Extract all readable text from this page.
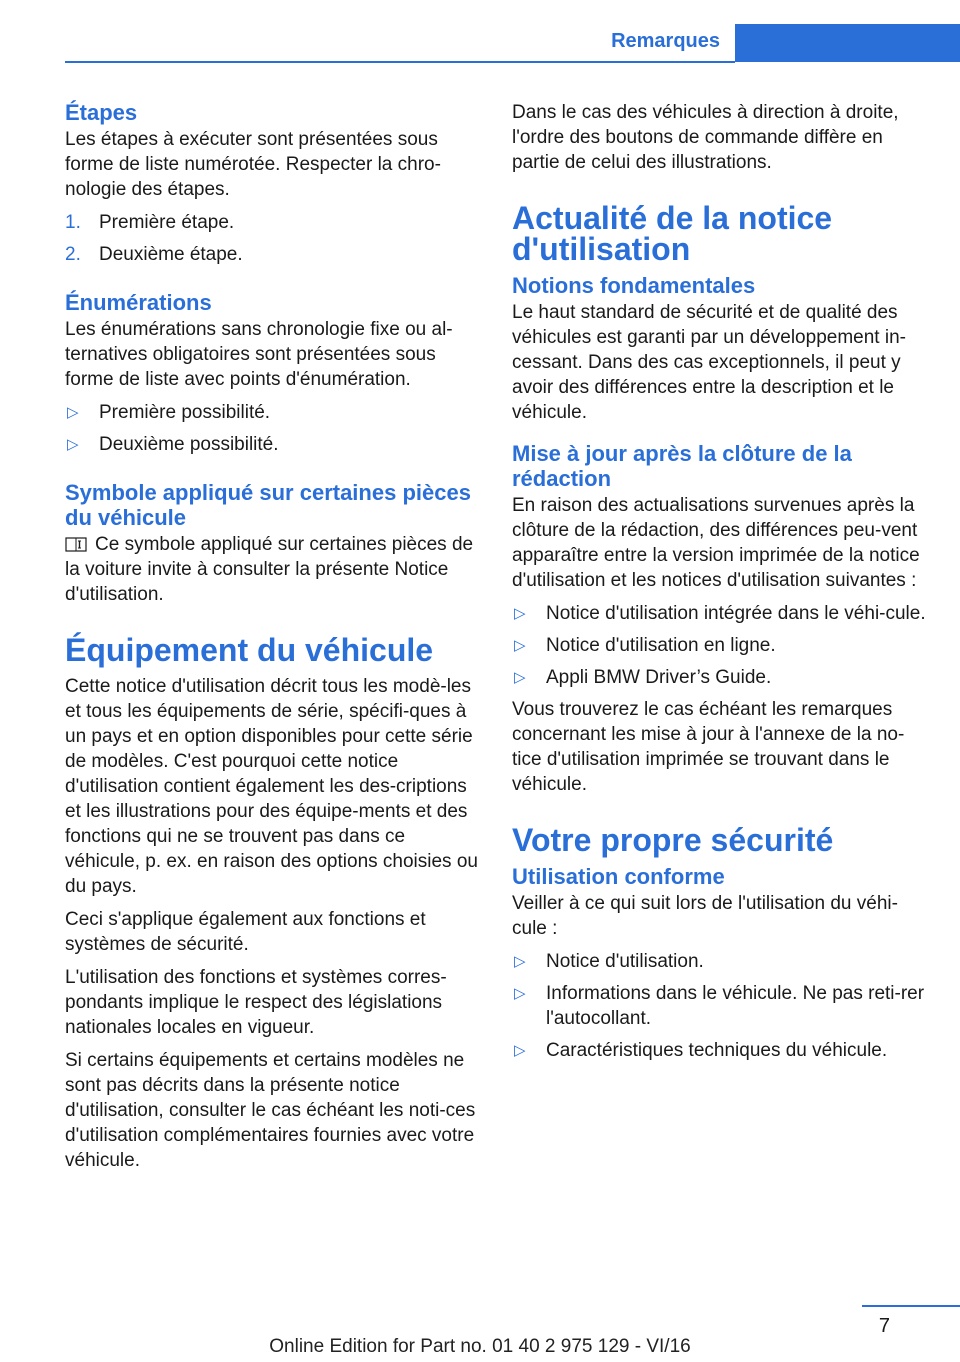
Remarques
Étapes

Les étapes à exécuter sont présentées sous forme de liste numérotée. Respecter la chro-nologie des étapes.

1. Première étape.
2. Deuxième étape.
Énumérations

Les énumérations sans chronologie fixe ou al-ternatives obligatoires sont présentées sous forme de liste avec points d'énumération.

▷ Première possibilité.
▷ Deuxième possibilité.
Symbole appliqué sur certaines pièces du véhicule

Ce symbole appliqué sur certaines pièces de la voiture invite à consulter la présente Notice d'utilisation.

Équipement du véhicule

Cette notice d'utilisation décrit tous les modè-les et tous les équipements de série, spécifi-ques à un pays et en option disponibles pour cette série de modèles. C'est pourquoi cette notice d'utilisation contient également les des-criptions et les illustrations pour des équipe-ments et des fonctions qui ne se trouvent pas dans ce véhicule, p. ex. en raison des options choisies ou du pays.

Ceci s'applique également aux fonctions et systèmes de sécurité.

L'utilisation des fonctions et systèmes corres-pondants implique le respect des législations nationales locales en vigueur.

Si certains équipements et certains modèles ne sont pas décrits dans la présente notice d'utilisation, consulter le cas échéant les noti-ces d'utilisation complémentaires fournies avec votre véhicule.

Dans le cas des véhicules à direction à droite, l'ordre des boutons de commande diffère en partie de celui des illustrations.

Actualité de la notice d'utilisation
Notions fondamentales

Le haut standard de sécurité et de qualité des véhicules est garanti par un développement in-cessant. Dans des cas exceptionnels, il peut y avoir des différences entre la description et le véhicule.

Mise à jour après la clôture de la rédaction

En raison des actualisations survenues après la clôture de la rédaction, des différences peu-vent apparaître entre la version imprimée de la notice d'utilisation et les notices d'utilisation suivantes :

▷ Notice d'utilisation intégrée dans le véhi-cule.
▷ Notice d'utilisation en ligne.
▷ Appli BMW Driver’s Guide.

Vous trouverez le cas échéant les remarques concernant les mise à jour à l'annexe de la no-tice d'utilisation imprimée se trouvant dans le véhicule.

Votre propre sécurité
Utilisation conforme

Veiller à ce qui suit lors de l'utilisation du véhi-cule :

▷ Notice d'utilisation.
▷ Informations dans le véhicule. Ne pas reti-rer l'autocollant.
▷ Caractéristiques techniques du véhicule.
7
Online Edition for Part no. 01 40 2 975 129 - VI/16
